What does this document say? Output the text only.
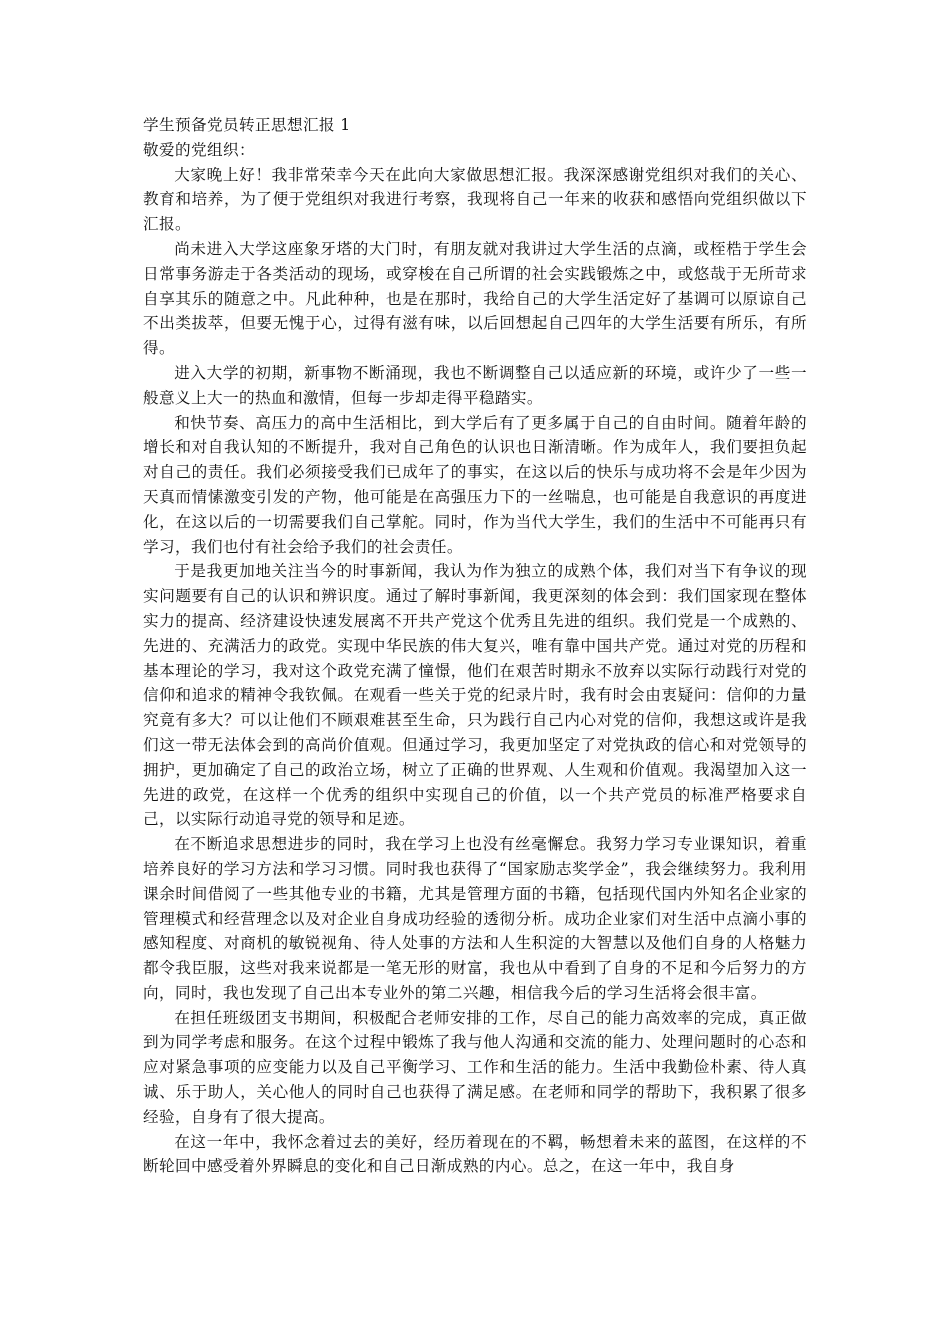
学生预备党员转正思想汇报 1

敬爱的党组织：

大家晚上好！我非常荣幸今天在此向大家做思想汇报。我深深感谢党组织对我们的关心、教育和培养，为了便于党组织对我进行考察，我现将自己一年来的收获和感悟向党组织做以下汇报。

尚未进入大学这座象牙塔的大门时，有朋友就对我讲过大学生活的点滴，或桎梏于学生会日常事务游走于各类活动的现场，或穿梭在自己所谓的社会实践锻炼之中，或悠哉于无所苛求自享其乐的随意之中。凡此种种，也是在那时，我给自己的大学生活定好了基调可以原谅自己不出类拔萃，但要无愧于心，过得有滋有味，以后回想起自己四年的大学生活要有所乐，有所得。

进入大学的初期，新事物不断涌现，我也不断调整自己以适应新的环境，或许少了一些一般意义上大一的热血和激情，但每一步却走得平稳踏实。

和快节奏、高压力的高中生活相比，到大学后有了更多属于自己的自由时间。随着年龄的增长和对自我认知的不断提升，我对自己角色的认识也日渐清晰。作为成年人，我们要担负起对自己的责任。我们必须接受我们已成年了的事实，在这以后的快乐与成功将不会是年少因为天真而情愫激变引发的产物，他可能是在高强压力下的一丝喘息，也可能是自我意识的再度进化，在这以后的一切需要我们自己掌舵。同时，作为当代大学生，我们的生活中不可能再只有学习，我们也付有社会给予我们的社会责任。

于是我更加地关注当今的时事新闻，我认为作为独立的成熟个体，我们对当下有争议的现实问题要有自己的认识和辨识度。通过了解时事新闻，我更深刻的体会到：我们国家现在整体实力的提高、经济建设快速发展离不开共产党这个优秀且先进的组织。我们党是一个成熟的、先进的、充满活力的政党。实现中华民族的伟大复兴，唯有靠中国共产党。通过对党的历程和基本理论的学习，我对这个政党充满了憧憬，他们在艰苦时期永不放弃以实际行动践行对党的信仰和追求的精神令我钦佩。在观看一些关于党的纪录片时，我有时会由衷疑问：信仰的力量究竟有多大？可以让他们不顾艰难甚至生命，只为践行自己内心对党的信仰，我想这或许是我们这一带无法体会到的高尚价值观。但通过学习，我更加坚定了对党执政的信心和对党领导的拥护，更加确定了自己的政治立场，树立了正确的世界观、人生观和价值观。我渴望加入这一先进的政党，在这样一个优秀的组织中实现自己的价值，以一个共产党员的标准严格要求自己，以实际行动追寻党的领导和足迹。

在不断追求思想进步的同时，我在学习上也没有丝毫懈怠。我努力学习专业课知识，着重培养良好的学习方法和学习习惯。同时我也获得了“国家励志奖学金”，我会继续努力。我利用课余时间借阅了一些其他专业的书籍，尤其是管理方面的书籍，包括现代国内外知名企业家的管理模式和经营理念以及对企业自身成功经验的透彻分析。成功企业家们对生活中点滴小事的感知程度、对商机的敏锐视角、待人处事的方法和人生积淀的大智慧以及他们自身的人格魅力都令我臣服，这些对我来说都是一笔无形的财富，我也从中看到了自身的不足和今后努力的方向，同时，我也发现了自己出本专业外的第二兴趣，相信我今后的学习生活将会很丰富。

在担任班级团支书期间，积极配合老师安排的工作，尽自己的能力高效率的完成，真正做到为同学考虑和服务。在这个过程中锻炼了我与他人沟通和交流的能力、处理问题时的心态和应对紧急事项的应变能力以及自己平衡学习、工作和生活的能力。生活中我勤俭朴素、待人真诚、乐于助人，关心他人的同时自己也获得了满足感。在老师和同学的帮助下，我积累了很多经验，自身有了很大提高。

在这一年中，我怀念着过去的美好，经历着现在的不羁，畅想着未来的蓝图，在这样的不断轮回中感受着外界瞬息的变化和自己日渐成熟的内心。总之，在这一年中，我自身
